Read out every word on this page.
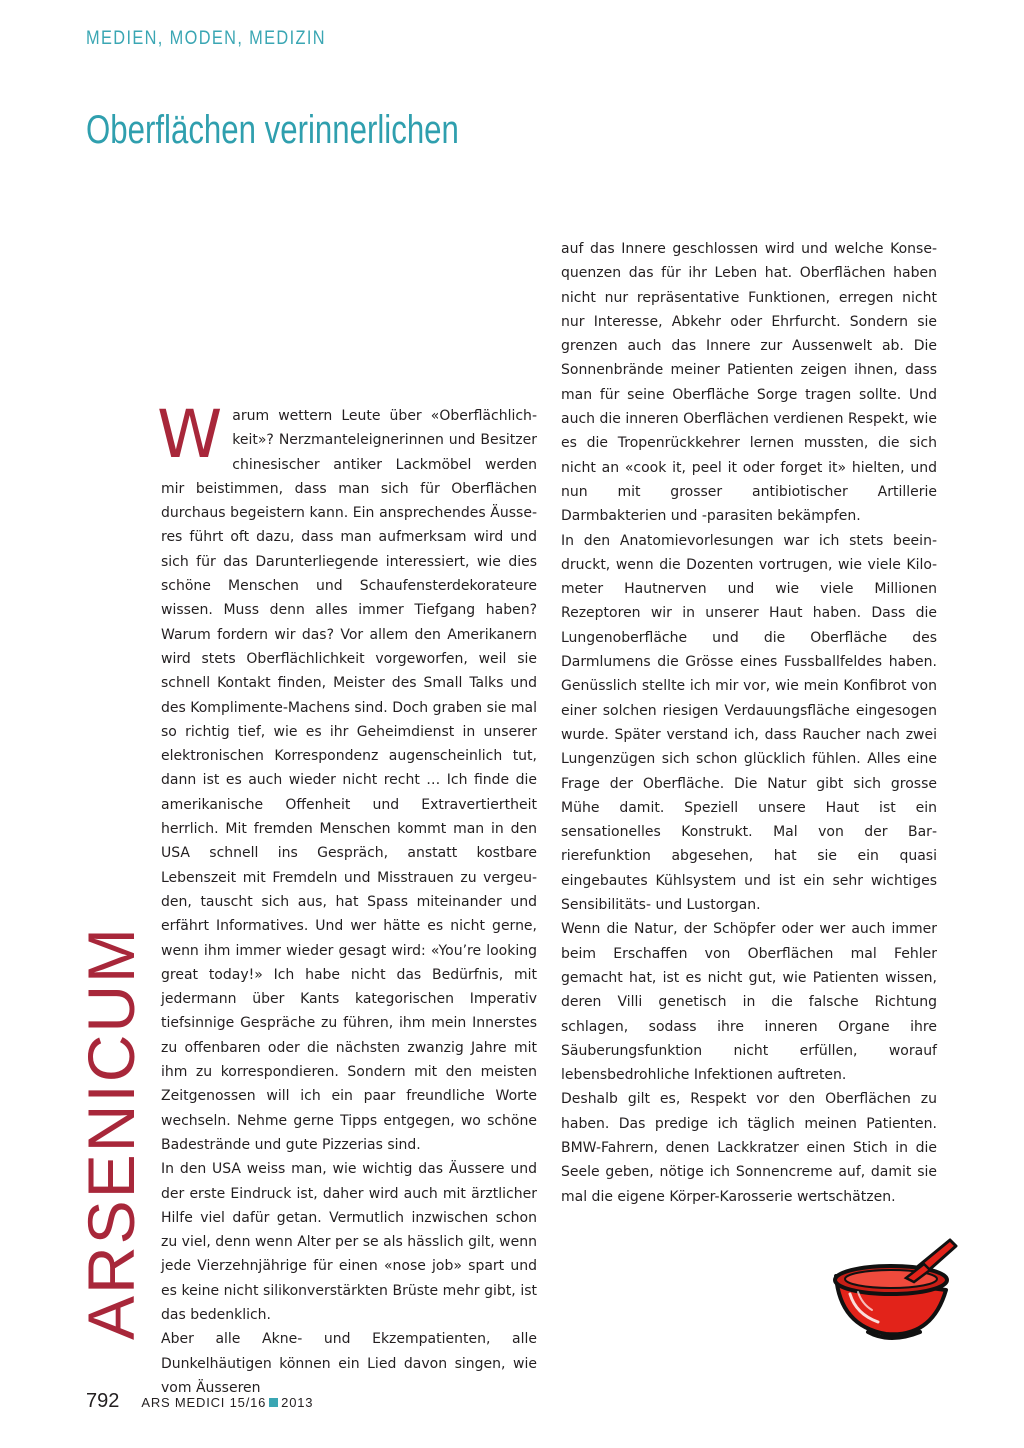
MEDIEN, MODEN, MEDIZIN
Oberflächen verinnerlichen
ARSENICUM
W arum wettern Leute über «Oberflächlichkeit»? Nerzmanteleignerinnen und Besitzer chinesischer antiker Lackmöbel werden mir beistimmen, dass man sich für Oberflächen durchaus begeistern kann. Ein ansprechendes Äusseres führt oft dazu, dass man aufmerksam wird und sich für das Darunterliegende interessiert, wie dies schöne Menschen und Schaufensterdekorateure wissen. Muss denn alles immer Tiefgang haben? Warum fordern wir das? Vor allem den Amerikanern wird stets Oberflächlichkeit vorgeworfen, weil sie schnell Kontakt finden, Meister des Small Talks und des Komplimente-Machens sind. Doch graben sie mal so richtig tief, wie es ihr Geheimdienst in unserer elektronischen Korrespondenz augenscheinlich tut, dann ist es auch wieder nicht recht … Ich finde die amerikanische Offenheit und Extravertiertheit herrlich. Mit fremden Menschen kommt man in den USA schnell ins Gespräch, anstatt kostbare Lebenszeit mit Fremdeln und Misstrauen zu vergeuden, tauscht sich aus, hat Spass miteinander und erfährt Informatives. Und wer hätte es nicht gerne, wenn ihm immer wieder gesagt wird: «You’re looking great today!» Ich habe nicht das Bedürfnis, mit jedermann über Kants kategorischen Imperativ tiefsinnige Gespräche zu führen, ihm mein Innerstes zu offenbaren oder die nächsten zwanzig Jahre mit ihm zu korrespondieren. Sondern mit den meisten Zeitgenossen will ich ein paar freundliche Worte wechseln. Nehme gerne Tipps entgegen, wo schöne Badestrände und gute Pizzerias sind.

In den USA weiss man, wie wichtig das Äussere und der erste Eindruck ist, daher wird auch mit ärztlicher Hilfe viel dafür getan. Vermutlich inzwischen schon zu viel, denn wenn Alter per se als hässlich gilt, wenn jede Vierzehnjährige für einen «nose job» spart und es keine nicht silikonverstärkten Brüste mehr gibt, ist das bedenklich.

Aber alle Akne- und Ekzempatienten, alle Dunkelhäutigen können ein Lied davon singen, wie vom Äusseren

auf das Innere geschlossen wird und welche Konsequenzen das für ihr Leben hat. Oberflächen haben nicht nur repräsentative Funktionen, erregen nicht nur Interesse, Abkehr oder Ehrfurcht. Sondern sie grenzen auch das Innere zur Aussenwelt ab. Die Sonnenbrände meiner Patienten zeigen ihnen, dass man für seine Oberfläche Sorge tragen sollte. Und auch die inneren Oberflächen verdienen Respekt, wie es die Tropenrückkehrer lernen mussten, die sich nicht an «cook it, peel it oder forget it» hielten, und nun mit grosser antibiotischer Artillerie Darmbakterien und -parasiten bekämpfen.

In den Anatomievorlesungen war ich stets beeindruckt, wenn die Dozenten vortrugen, wie viele Kilometer Hautnerven und wie viele Millionen Rezeptoren wir in unserer Haut haben. Dass die Lungenoberfläche und die Oberfläche des Darmlumens die Grösse eines Fussballfeldes haben. Genüsslich stellte ich mir vor, wie mein Konfibrot von einer solchen riesigen Verdauungsfläche eingesogen wurde. Später verstand ich, dass Raucher nach zwei Lungenzügen sich schon glücklich fühlen. Alles eine Frage der Oberfläche. Die Natur gibt sich grosse Mühe damit. Speziell unsere Haut ist ein sensationelles Konstrukt. Mal von der Barrierefunktion abgesehen, hat sie ein quasi eingebautes Kühlsystem und ist ein sehr wichtiges Sensibilitäts- und Lustorgan.

Wenn die Natur, der Schöpfer oder wer auch immer beim Erschaffen von Oberflächen mal Fehler gemacht hat, ist es nicht gut, wie Patienten wissen, deren Villi genetisch in die falsche Richtung schlagen, sodass ihre inneren Organe ihre Säuberungsfunktion nicht erfüllen, worauf lebensbedrohliche Infektionen auftreten.

Deshalb gilt es, Respekt vor den Oberflächen zu haben. Das predige ich täglich meinen Patienten. BMW-Fahrern, denen Lackkratzer einen Stich in die Seele geben, nötige ich Sonnencreme auf, damit sie mal die eigene Körper-Karosserie wertschätzen.

792 ARS MEDICI 15/16 2013
